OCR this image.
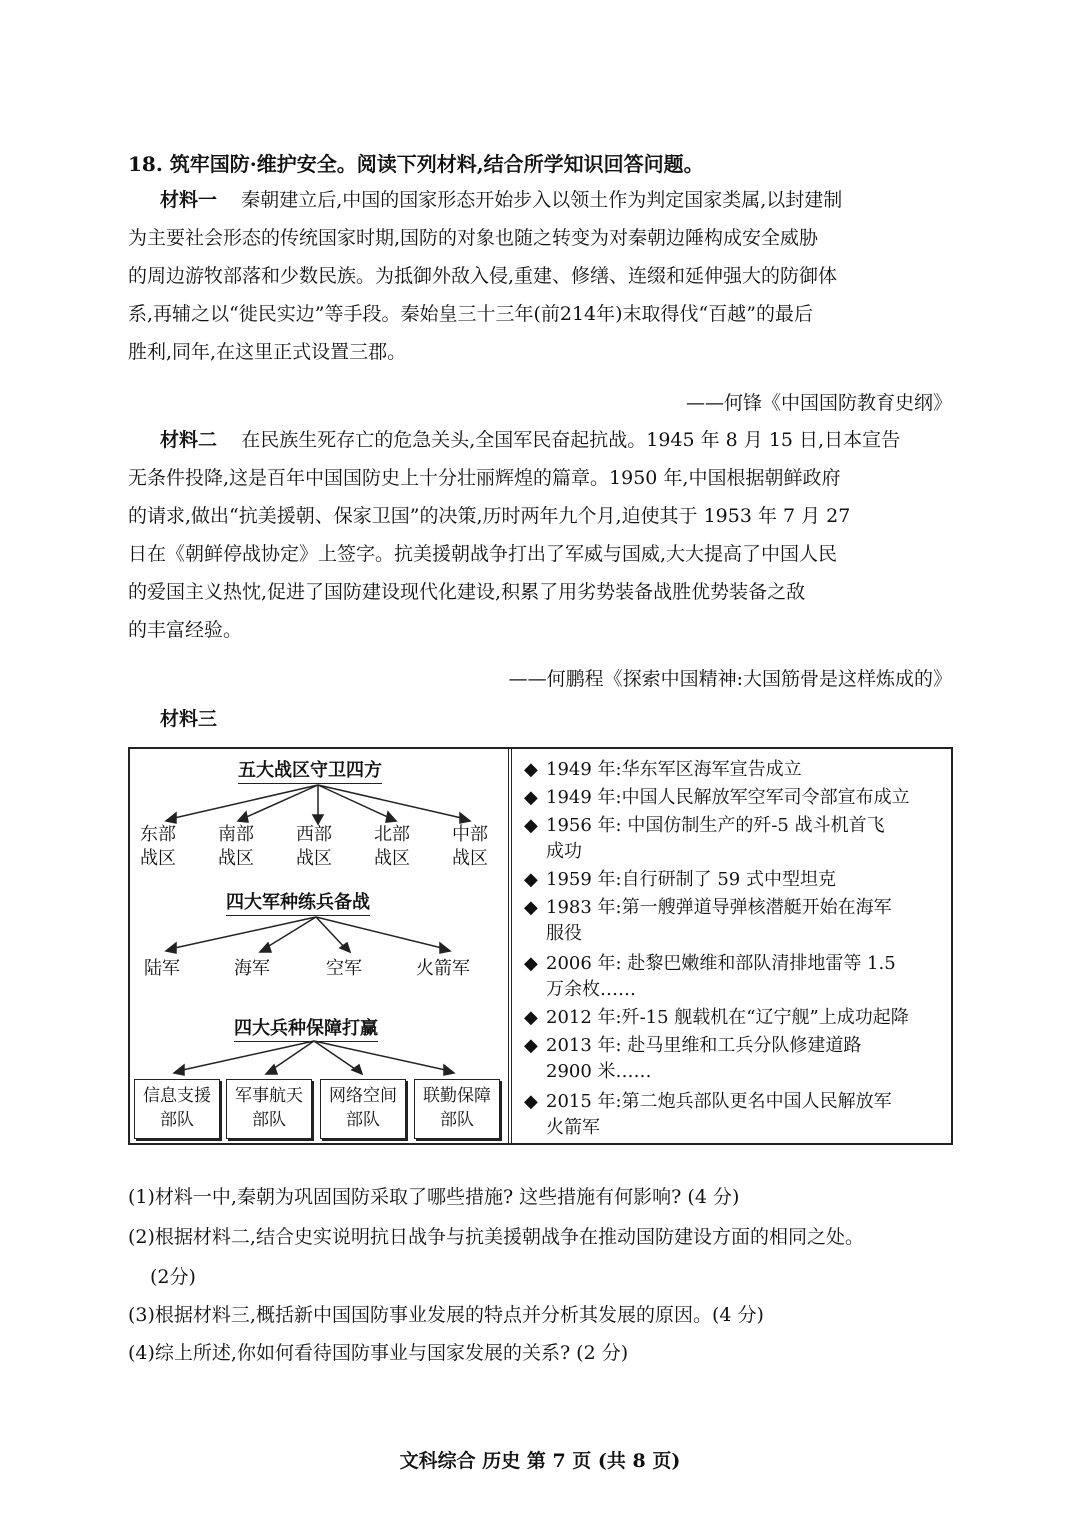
18. 筑牢国防·维护安全。阅读下列材料,结合所学知识回答问题。
材料一 秦朝建立后,中国的国家形态开始步入以领土作为判定国家类属,以封建制
为主要社会形态的传统国家时期,国防的对象也随之转变为对秦朝边陲构成安全威胁
的周边游牧部落和少数民族。为抵御外敌入侵,重建、修缮、连缀和延伸强大的防御体
系,再辅之以“徙民实边”等手段。秦始皇三十三年(前214年)末取得伐“百越”的最后
胜利,同年,在这里正式设置三郡。
——何锋《中国国防教育史纲》
材料二 在民族生死存亡的危急关头,全国军民奋起抗战。1945 年 8 月 15 日,日本宣告
无条件投降,这是百年中国国防史上十分壮丽辉煌的篇章。1950 年,中国根据朝鲜政府
的请求,做出“抗美援朝、保家卫国”的决策,历时两年九个月,迫使其于 1953 年 7 月 27
日在《朝鲜停战协定》上签字。抗美援朝战争打出了军威与国威,大大提高了中国人民
的爱国主义热忱,促进了国防建设现代化建设,积累了用劣势装备战胜优势装备之敌
的丰富经验。
——何鹏程《探索中国精神:大国筋骨是这样炼成的》
材料三
五大战区守卫四方
东部
战区
南部
战区
西部
战区
北部
战区
中部
战区
四大军种练兵备战
陆军	海军	空军	火箭军
四大兵种保障打赢
信息支援
部队
军事航天
部队
网络空间
部队
联勤保障
部队
◆ 1949 年:华东军区海军宣告成立
◆ 1949 年:中国人民解放军空军司令部宣布成立
◆ 1956 年: 中国仿制生产的歼-5 战斗机首飞
成功
◆ 1959 年:自行研制了 59 式中型坦克
◆ 1983 年:第一艘弹道导弹核潜艇开始在海军
服役
◆ 2006 年: 赴黎巴嫩维和部队清排地雷等 1.5
万余枚……
◆ 2012 年:歼-15 舰载机在“辽宁舰”上成功起降
◆ 2013 年: 赴马里维和工兵分队修建道路
2900 米……
◆ 2015 年:第二炮兵部队更名中国人民解放军
火箭军
(1)材料一中,秦朝为巩固国防采取了哪些措施? 这些措施有何影响? (4 分)
(2)根据材料二,结合史实说明抗日战争与抗美援朝战争在推动国防建设方面的相同之处。
(2分)
(3)根据材料三,概括新中国国防事业发展的特点并分析其发展的原因。(4 分)
(4)综上所述,你如何看待国防事业与国家发展的关系? (2 分)
文科综合 历史 第 7 页 (共 8 页)
